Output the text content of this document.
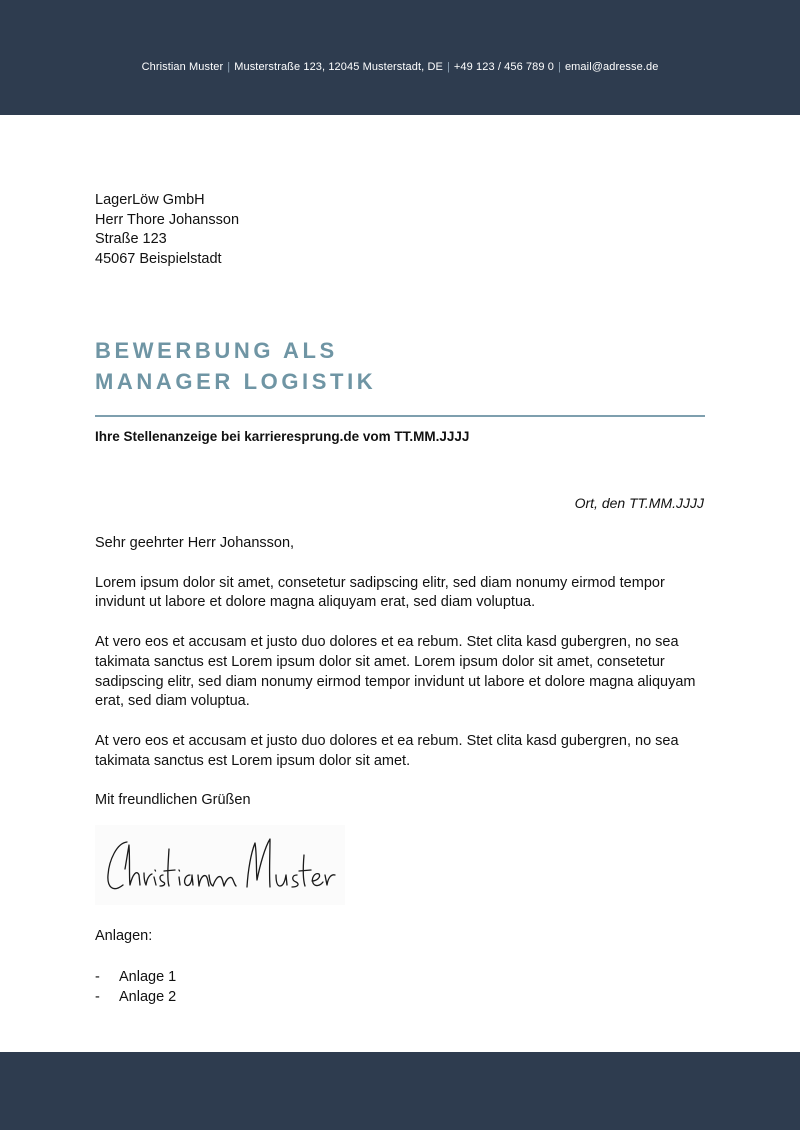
Christian Muster | Musterstraße 123, 12045 Musterstadt, DE | +49 123 / 456 789 0 | email@adresse.de
LagerLöw GmbH
Herr Thore Johansson
Straße 123
45067 Beispielstadt
BEWERBUNG ALS
MANAGER LOGISTIK
Ihre Stellenanzeige bei karrieresprung.de vom TT.MM.JJJJ
Ort, den TT.MM.JJJJ

Sehr geehrter Herr Johansson,

Lorem ipsum dolor sit amet, consetetur sadipscing elitr, sed diam nonumy eirmod tempor invidunt ut labore et dolore magna aliquyam erat, sed diam voluptua.

At vero eos et accusam et justo duo dolores et ea rebum. Stet clita kasd gubergren, no sea takimata sanctus est Lorem ipsum dolor sit amet. Lorem ipsum dolor sit amet, consetetur sadipscing elitr, sed diam nonumy eirmod tempor invidunt ut labore et dolore magna aliquyam erat, sed diam voluptua.

At vero eos et accusam et justo duo dolores et ea rebum. Stet clita kasd gubergren, no sea takimata sanctus est Lorem ipsum dolor sit amet.

Mit freundlichen Grüßen

Anlagen:
-	Anlage 1
-	Anlage 2
